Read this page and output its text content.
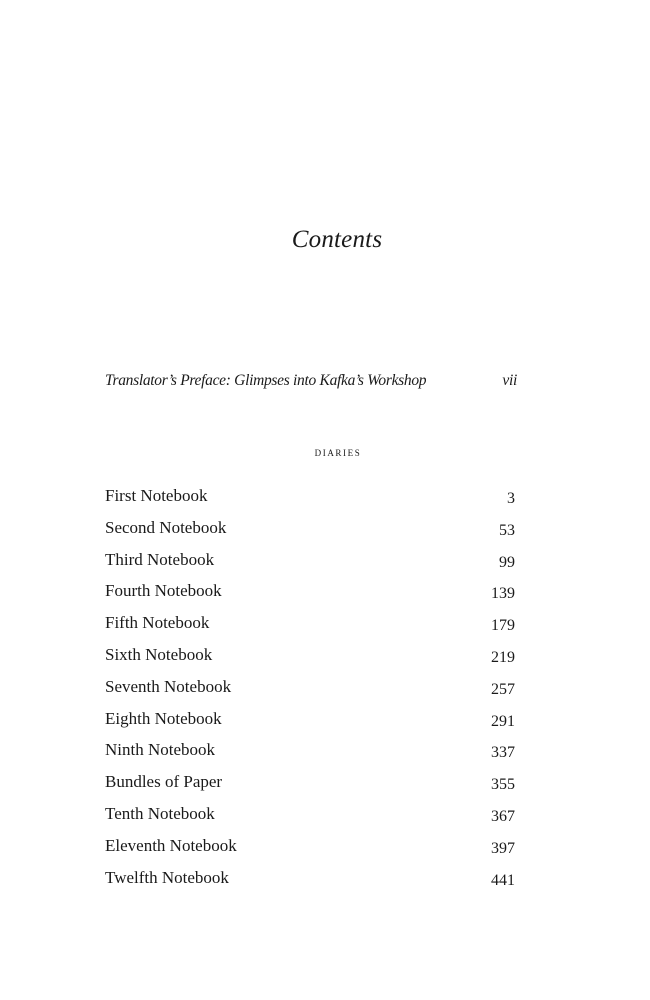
Contents
Translator’s Preface: Glimpses into Kafka’s Workshop	vii
diaries
First Notebook	3
Second Notebook	53
Third Notebook	99
Fourth Notebook	139
Fifth Notebook	179
Sixth Notebook	219
Seventh Notebook	257
Eighth Notebook	291
Ninth Notebook	337
Bundles of Paper	355
Tenth Notebook	367
Eleventh Notebook	397
Twelfth Notebook	441
